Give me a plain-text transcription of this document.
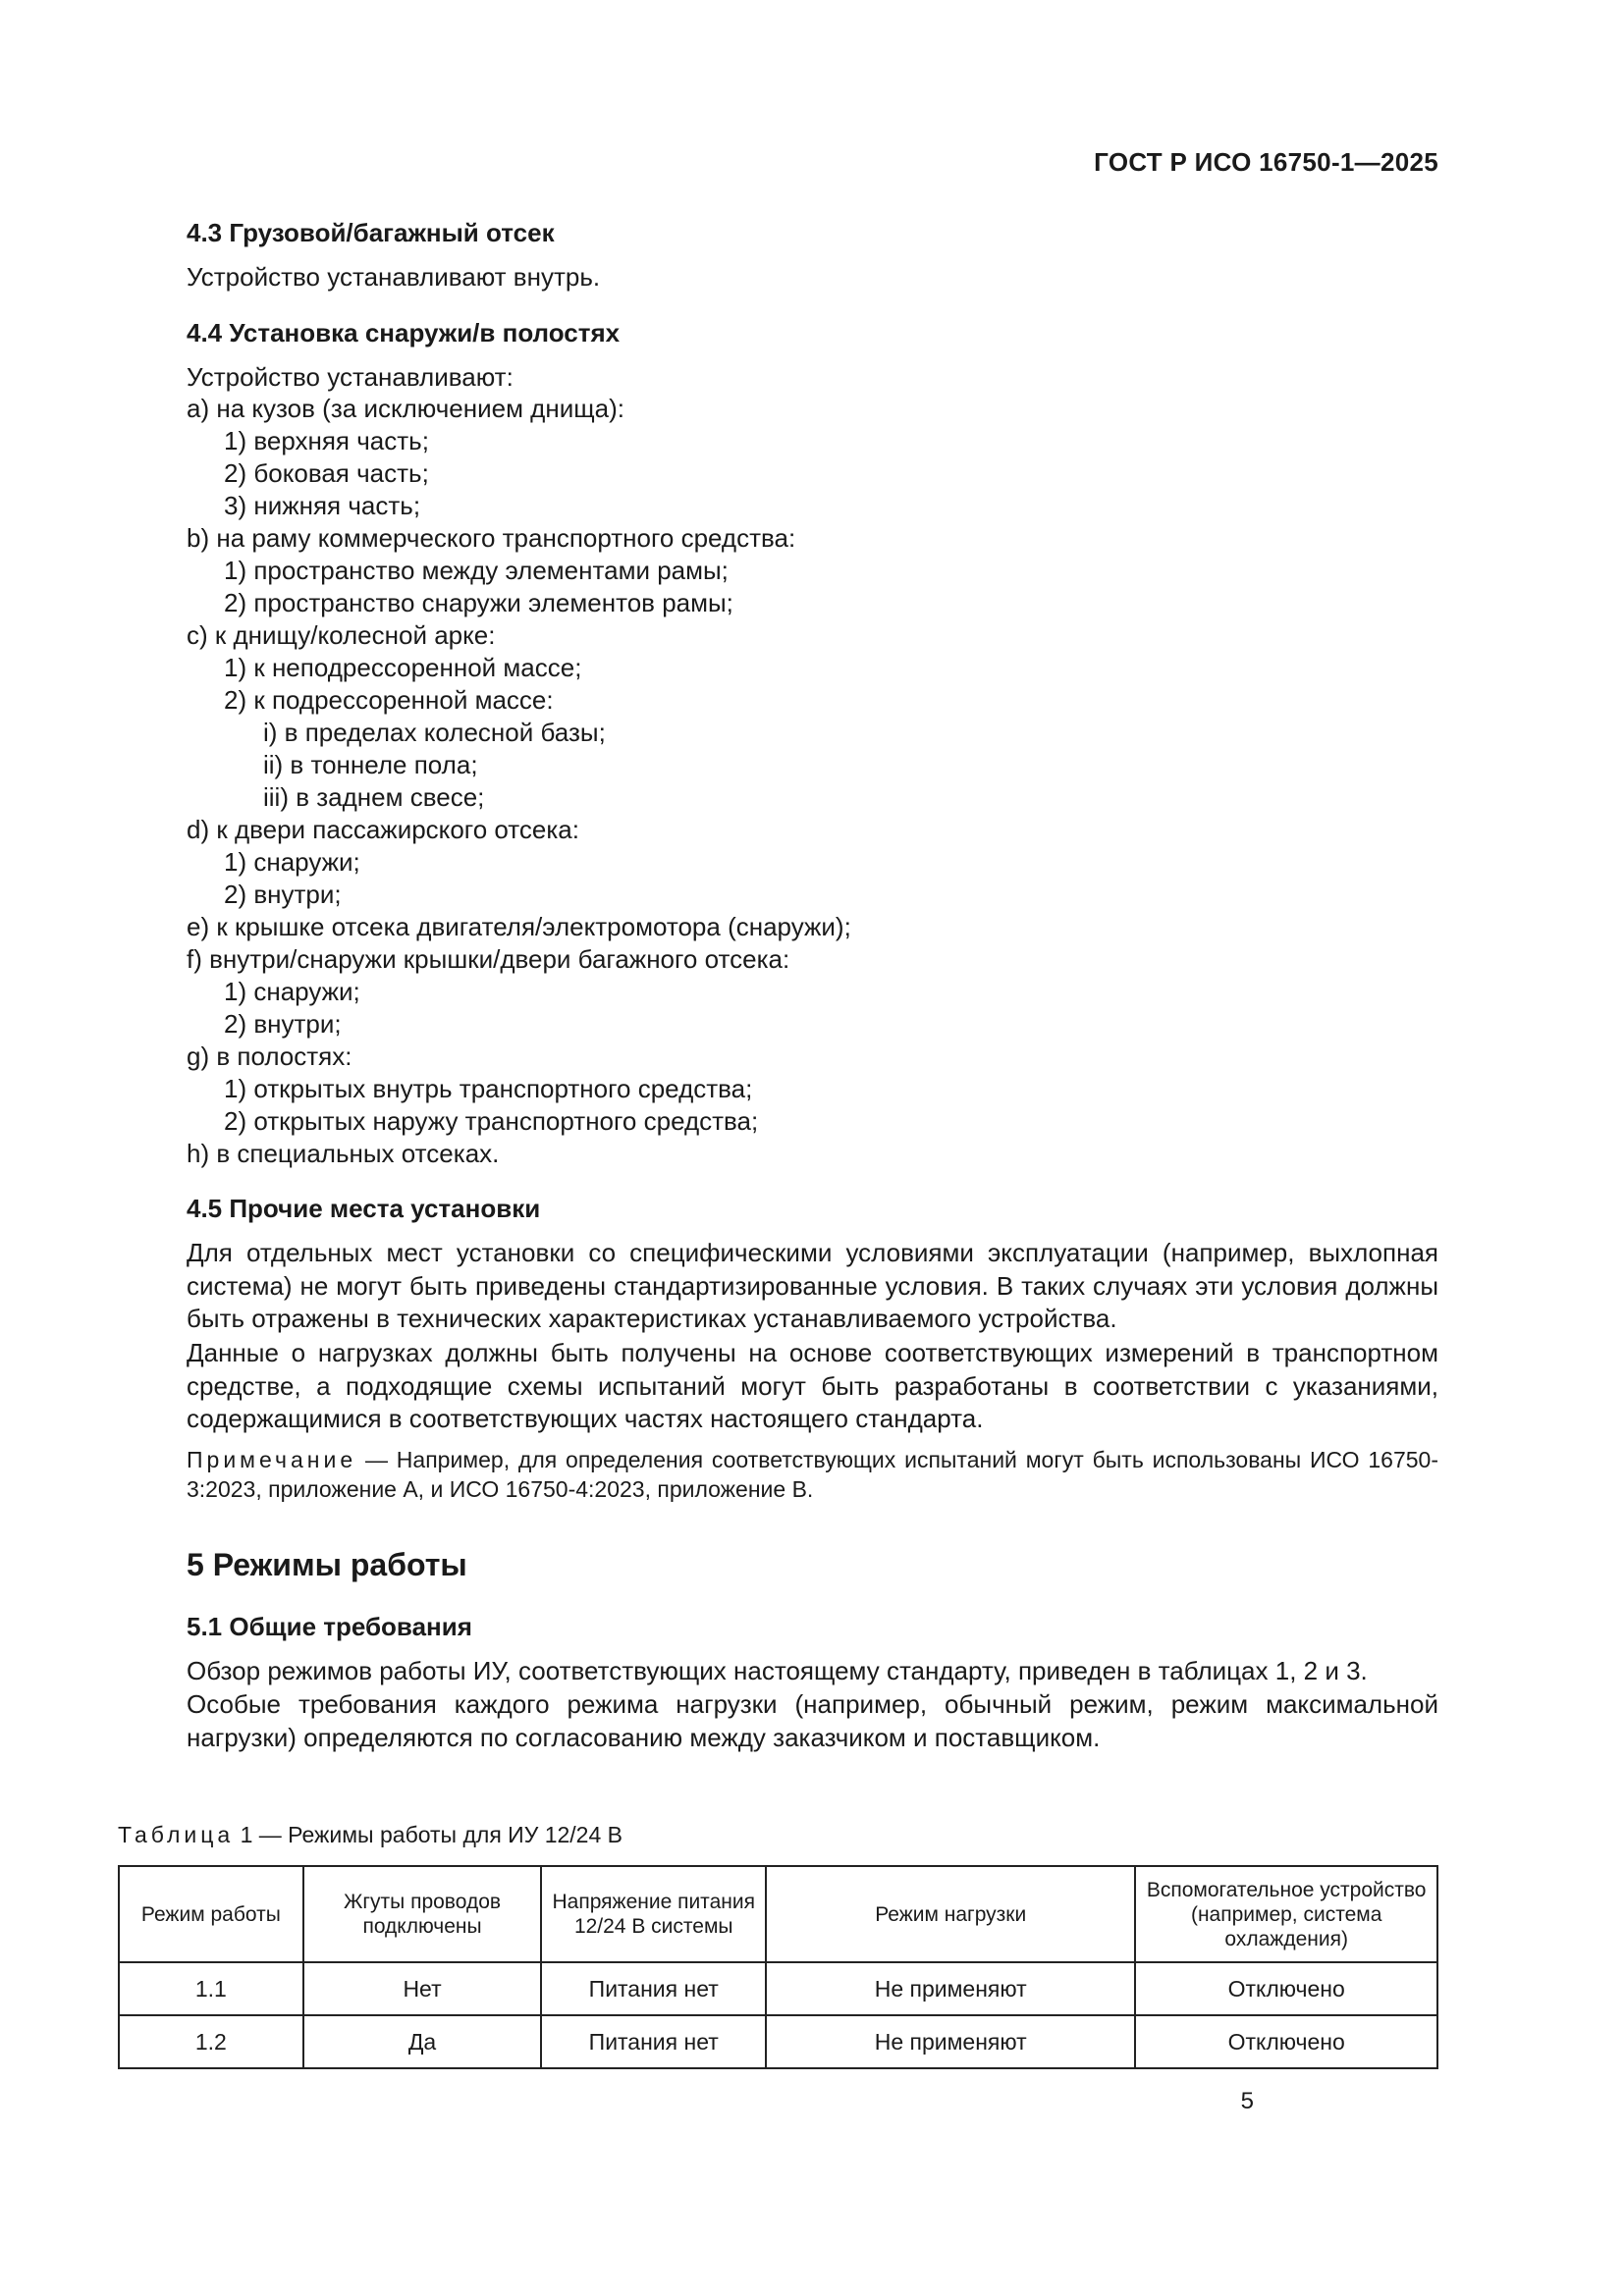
ГОСТ Р ИСО 16750-1—2025
4.3 Грузовой/багажный отсек
Устройство устанавливают внутрь.
4.4 Установка снаружи/в полостях
Устройство устанавливают:
a) на кузов (за исключением днища):
1) верхняя часть;
2) боковая часть;
3) нижняя часть;
b) на раму коммерческого транспортного средства:
1) пространство между элементами рамы;
2) пространство снаружи элементов рамы;
c) к днищу/колесной арке:
1) к неподрессоренной массе;
2) к подрессоренной массе:
i) в пределах колесной базы;
ii) в тоннеле пола;
iii) в заднем свесе;
d) к двери пассажирского отсека:
1) снаружи;
2) внутри;
e) к крышке отсека двигателя/электромотора (снаружи);
f) внутри/снаружи крышки/двери багажного отсека:
1) снаружи;
2) внутри;
g) в полостях:
1) открытых внутрь транспортного средства;
2) открытых наружу транспортного средства;
h) в специальных отсеках.
4.5 Прочие места установки
Для отдельных мест установки со специфическими условиями эксплуатации (например, выхлопная система) не могут быть приведены стандартизированные условия. В таких случаях эти условия должны быть отражены в технических характеристиках устанавливаемого устройства.
Данные о нагрузках должны быть получены на основе соответствующих измерений в транспортном средстве, а подходящие схемы испытаний могут быть разработаны в соответствии с указаниями, содержащимися в соответствующих частях настоящего стандарта.
Примечание — Например, для определения соответствующих испытаний могут быть использованы ИСО 16750-3:2023, приложение А, и ИСО 16750-4:2023, приложение В.
5 Режимы работы
5.1 Общие требования
Обзор режимов работы ИУ, соответствующих настоящему стандарту, приведен в таблицах 1, 2 и 3.
Особые требования каждого режима нагрузки (например, обычный режим, режим максимальной нагрузки) определяются по согласованию между заказчиком и поставщиком.
Таблица 1 — Режимы работы для ИУ 12/24 В
Режим работы	Жгуты проводов подключены	Напряжение питания 12/24 В системы	Режим нагрузки	Вспомогательное устройство (например, система охлаждения)
1.1	Нет	Питания нет	Не применяют	Отключено
1.2	Да	Питания нет	Не применяют	Отключено
5
